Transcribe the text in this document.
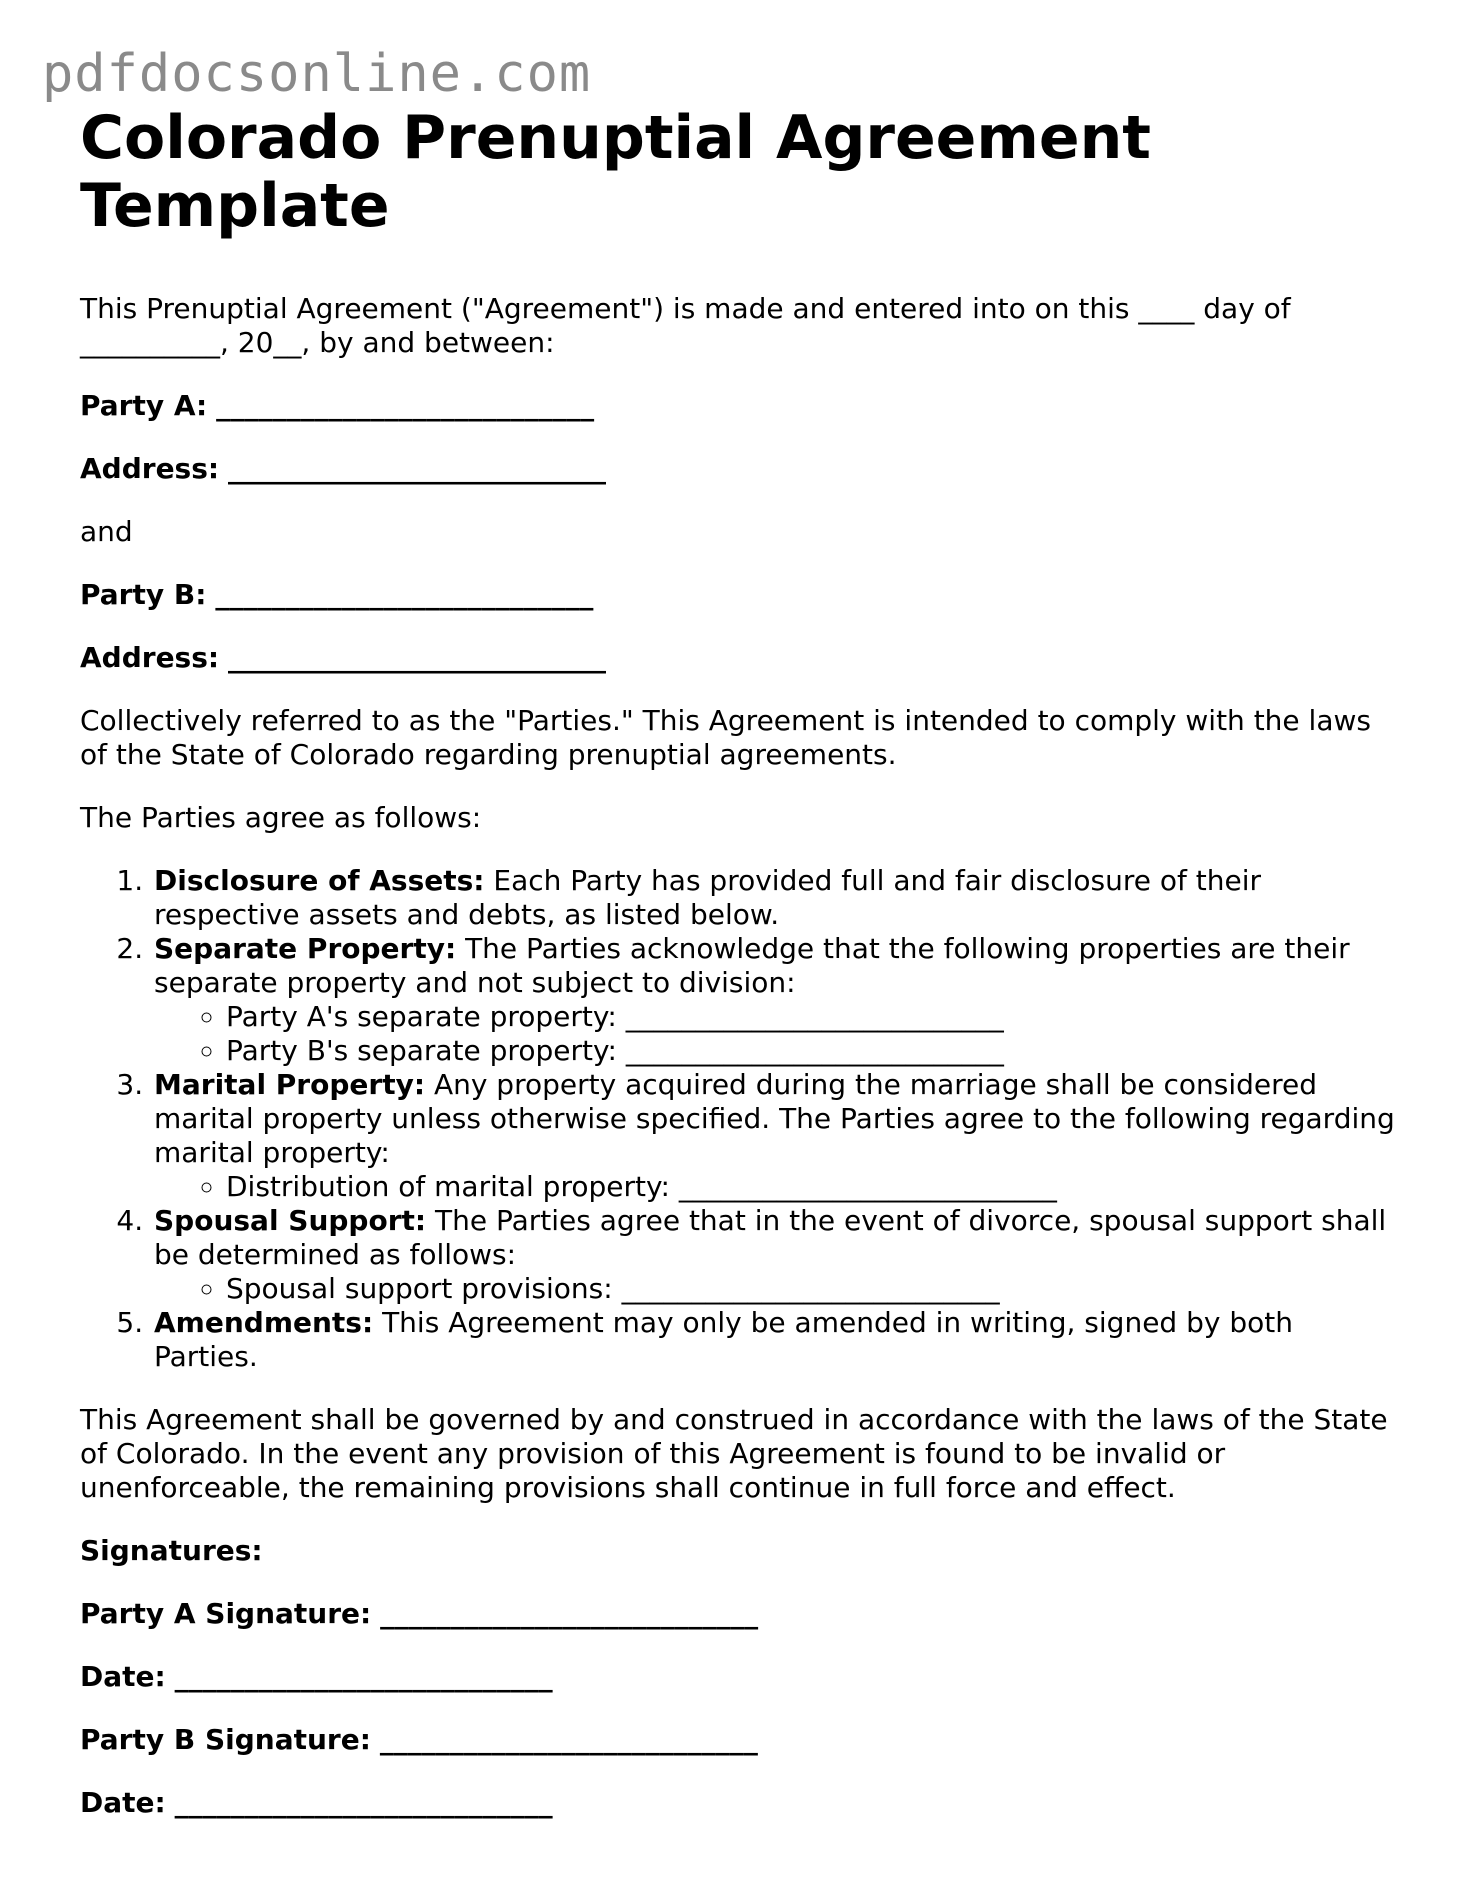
pdfdocsonline.com
Colorado Prenuptial Agreement
Template

This Prenuptial Agreement ("Agreement") is made and entered into on this ____ day of __________, 20__, by and between:

Party A: ___________________________

Address: ___________________________

and

Party B: ___________________________

Address: ___________________________

Collectively referred to as the "Parties." This Agreement is intended to comply with the laws of the State of Colorado regarding prenuptial agreements.

The Parties agree as follows:

1. Disclosure of Assets: Each Party has provided full and fair disclosure of their respective assets and debts, as listed below.
2. Separate Property: The Parties acknowledge that the following properties are their separate property and not subject to division:
◦ Party A's separate property: ___________________________
◦ Party B's separate property: ___________________________
3. Marital Property: Any property acquired during the marriage shall be considered marital property unless otherwise specified. The Parties agree to the following regarding marital property:
◦ Distribution of marital property: ___________________________
4. Spousal Support: The Parties agree that in the event of divorce, spousal support shall be determined as follows:
◦ Spousal support provisions: ___________________________
5. Amendments: This Agreement may only be amended in writing, signed by both Parties.

This Agreement shall be governed by and construed in accordance with the laws of the State of Colorado. In the event any provision of this Agreement is found to be invalid or unenforceable, the remaining provisions shall continue in full force and effect.

Signatures:

Party A Signature: ___________________________

Date: ___________________________

Party B Signature: ___________________________

Date: ___________________________
